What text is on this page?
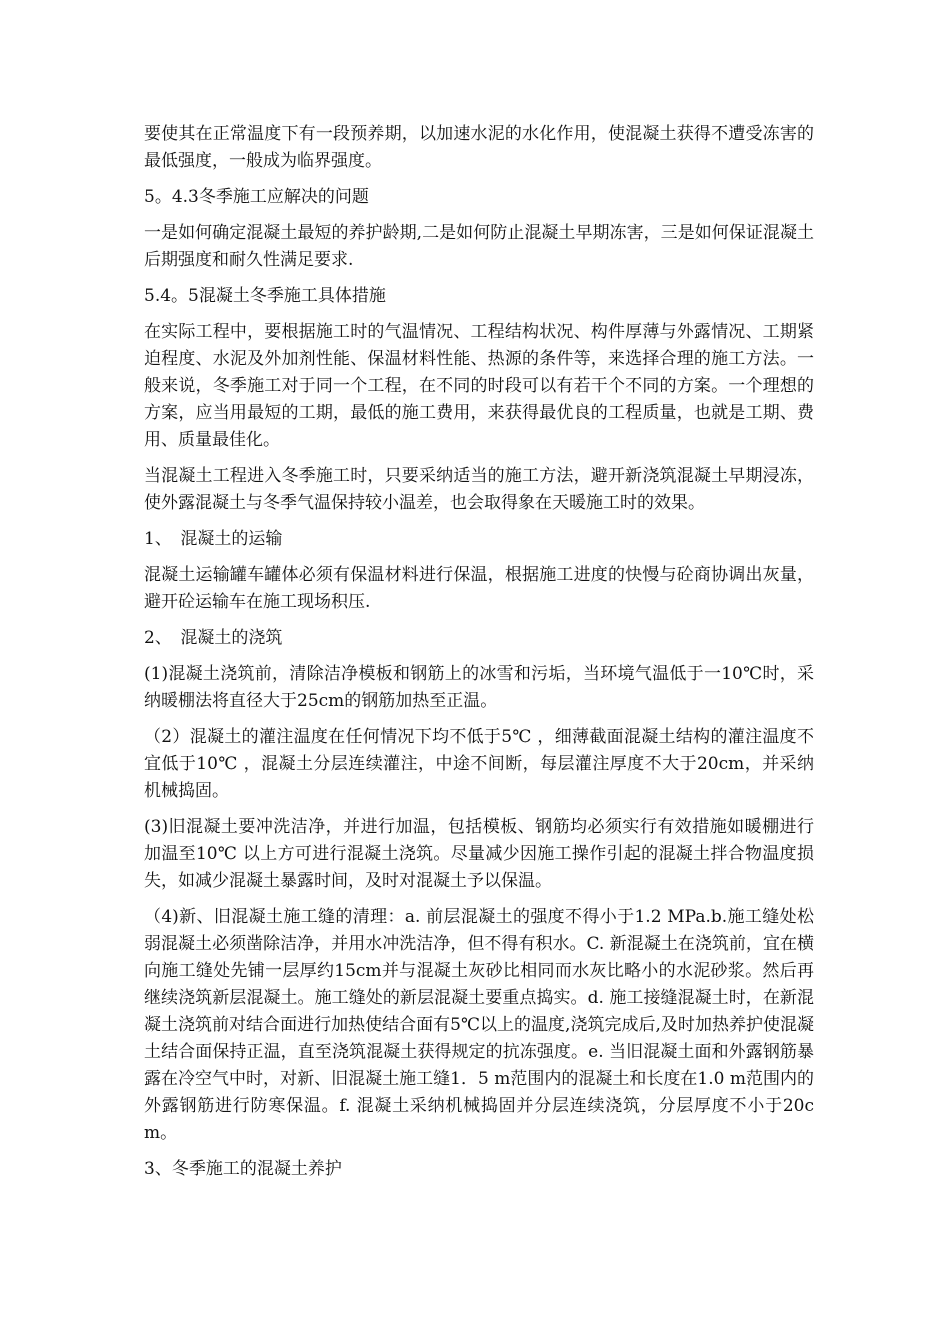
要使其在正常温度下有一段预养期，以加速水泥的水化作用，使混凝土获得不遭受冻害的最低强度，一般成为临界强度。

5。4.3冬季施工应解决的问题

一是如何确定混凝土最短的养护龄期,二是如何防止混凝土早期冻害，三是如何保证混凝土后期强度和耐久性满足要求.

5.4。5混凝土冬季施工具体措施

在实际工程中，要根据施工时的气温情况、工程结构状况、构件厚薄与外露情况、工期紧迫程度、水泥及外加剂性能、保温材料性能、热源的条件等，来选择合理的施工方法。一般来说，冬季施工对于同一个工程，在不同的时段可以有若干个不同的方案。一个理想的方案，应当用最短的工期，最低的施工费用，来获得最优良的工程质量，也就是工期、费用、质量最佳化。

当混凝土工程进入冬季施工时，只要采纳适当的施工方法，避开新浇筑混凝土早期浸冻，使外露混凝土与冬季气温保持较小温差，也会取得象在天暖施工时的效果。

1、　混凝土的运输

混凝土运输罐车罐体必须有保温材料进行保温，根据施工进度的快慢与砼商协调出灰量，避开砼运输车在施工现场积压.

2、　混凝土的浇筑

(1)混凝土浇筑前，清除洁净模板和钢筋上的冰雪和污垢，当环境气温低于一10℃时，采纳暖棚法将直径大于25cm的钢筋加热至正温。

（2）混凝土的灌注温度在任何情况下均不低于5℃ ，细薄截面混凝土结构的灌注温度不宜低于10℃ ，混凝土分层连续灌注，中途不间断，每层灌注厚度不大于20cm，并采纳机械捣固。

(3)旧混凝土要冲洗洁净，并进行加温，包括模板、钢筋均必须实行有效措施如暖棚进行加温至10℃ 以上方可进行混凝土浇筑。尽量减少因施工操作引起的混凝土拌合物温度损失，如减少混凝土暴露时间，及时对混凝土予以保温。

（4)新、旧混凝土施工缝的清理：a. 前层混凝土的强度不得小于1.2 MPa.b.施工缝处松弱混凝土必须凿除洁净，并用水冲洗洁净，但不得有积水。C. 新混凝土在浇筑前，宜在横向施工缝处先铺一层厚约15cm并与混凝土灰砂比相同而水灰比略小的水泥砂浆。然后再继续浇筑新层混凝土。施工缝处的新层混凝土要重点捣实。d. 施工接缝混凝土时，在新混凝土浇筑前对结合面进行加热使结合面有5℃以上的温度,浇筑完成后,及时加热养护使混凝土结合面保持正温，直至浇筑混凝土获得规定的抗冻强度。e. 当旧混凝土面和外露钢筋暴露在冷空气中时，对新、旧混凝土施工缝1．5 m范围内的混凝土和长度在1.0 m范围内的外露钢筋进行防寒保温。f. 混凝土采纳机械捣固并分层连续浇筑，分层厚度不小于20cm。

3、冬季施工的混凝土养护
